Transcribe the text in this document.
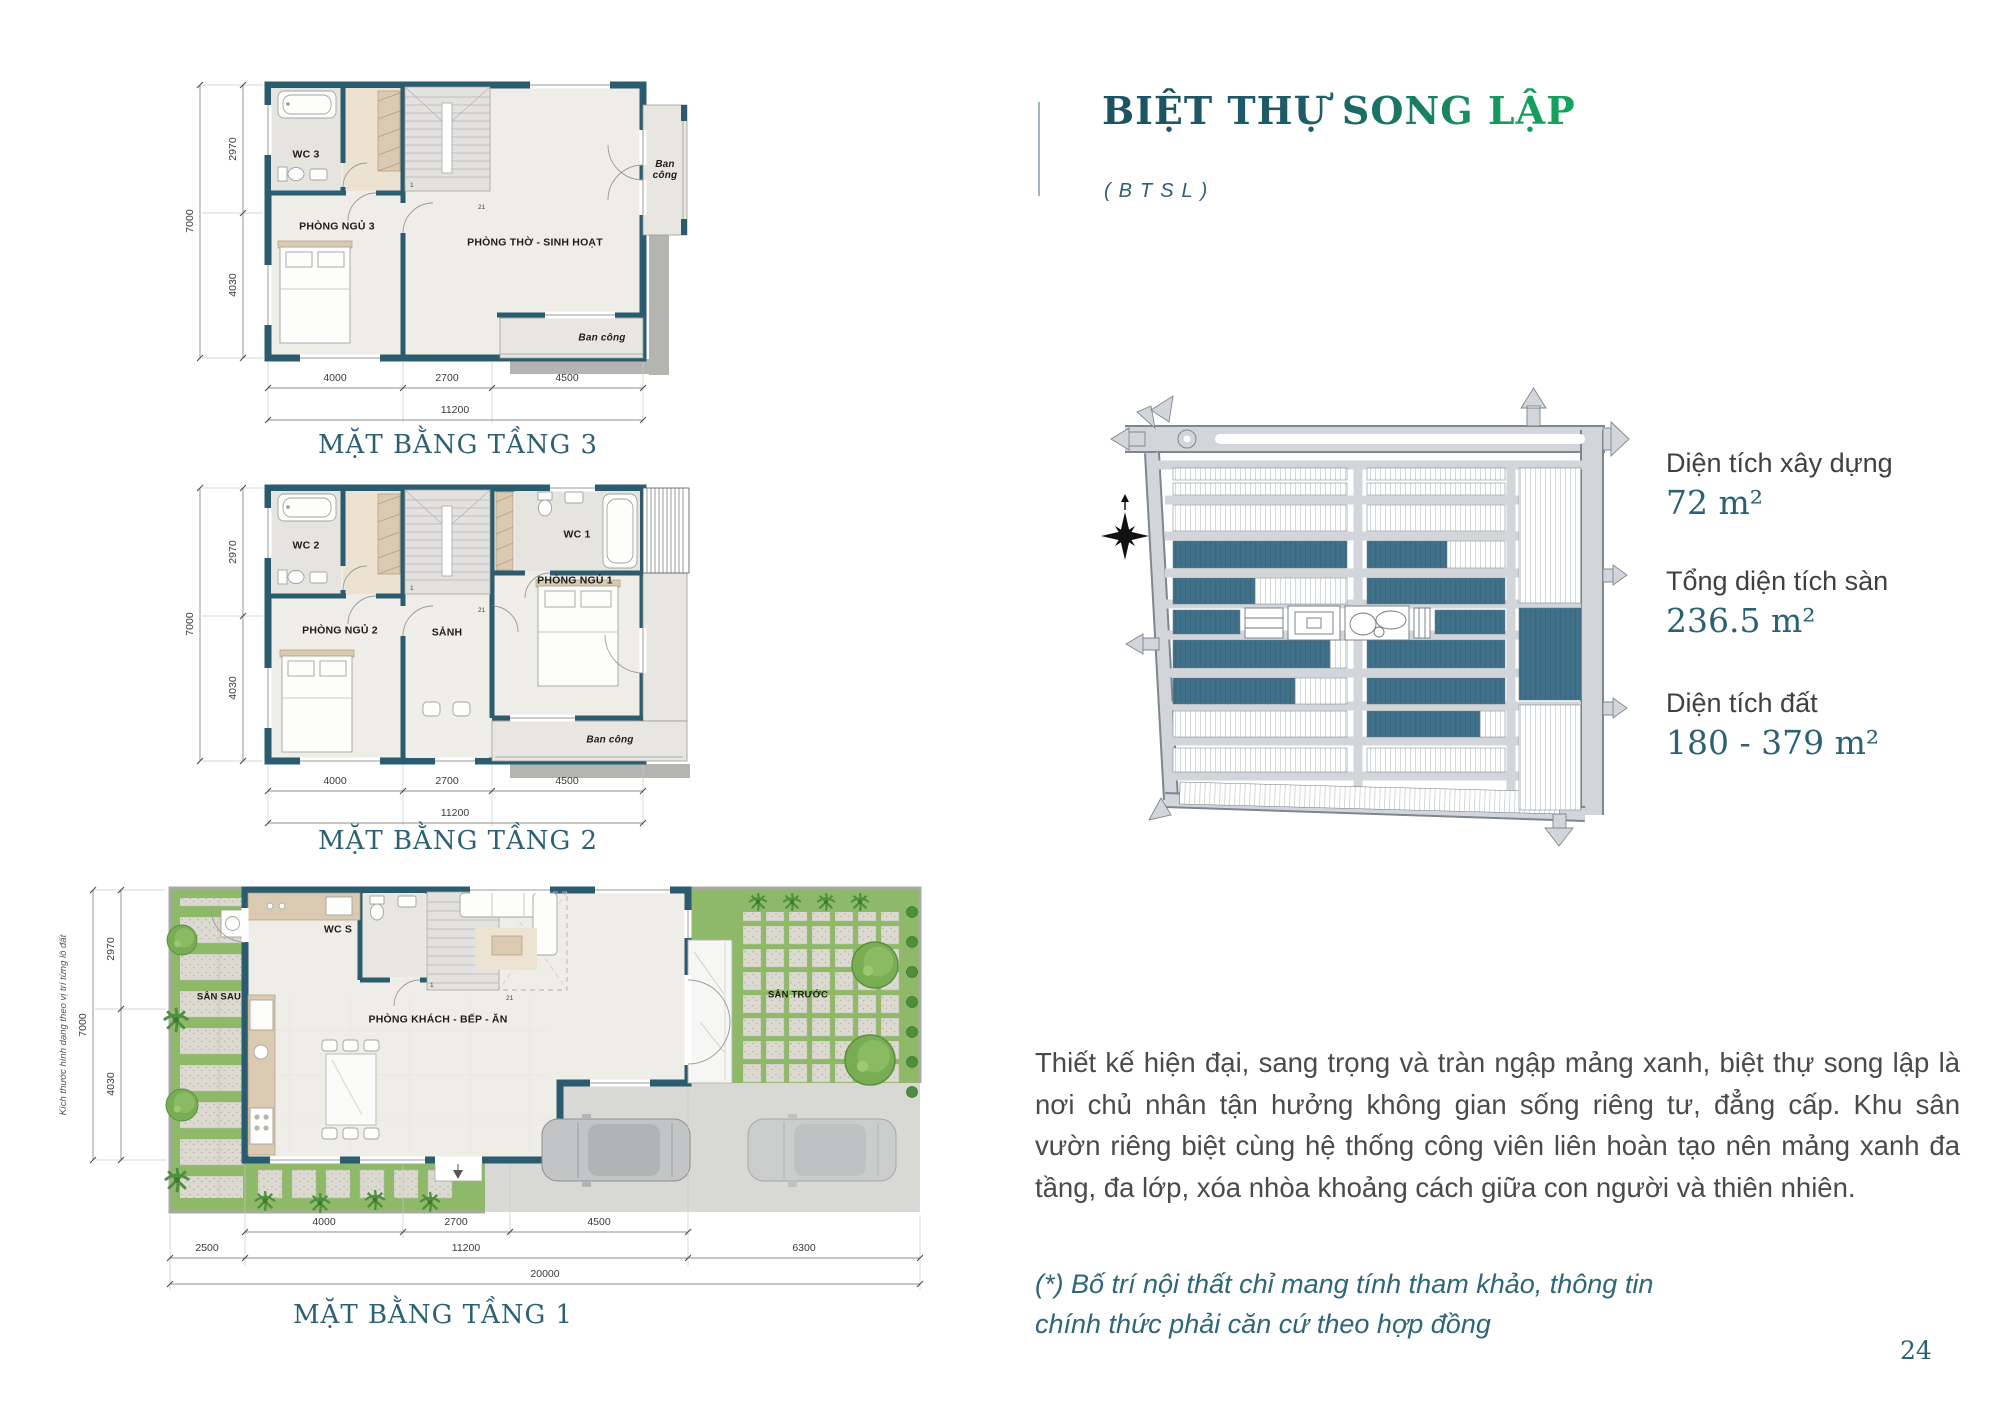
1
21
4000	2700	4500
11200
2970
4030
7000
WC 3
PHÒNG NGỦ 3
PHÒNG THỜ - SINH HOẠT
Ban công
Ban công
MẶT BẰNG TẦNG 3
1
21
4000	2700	4500
11200
2970
4030
7000
WC 2
WC 1
PHÒNG NGỦ 2	SẢNH
PHÒNG NGỦ 1
Ban công
MẶT BẰNG TẦNG 2
1
21
4000	2700	4500
2500	11200	6300
20000
2970
4030
7000
Kích thước hình dạng theo vị trí từng lô đất
WC S
PHÒNG KHÁCH - BẾP - ĂN
SÂN SAU	SÂN TRƯỚC
MẶT BẰNG TẦNG 1
BIỆT THỰ SONG LẬP
(BTSL)
Diện tích xây dựng
72 m²
Tổng diện tích sàn
236.5 m²
Diện tích đất
180 - 379 m²

Thiết kế hiện đại, sang trọng và tràn ngập mảng xanh, biệt thự song lập là nơi chủ nhân tận hưởng không gian sống riêng tư, đẳng cấp. Khu sân vườn riêng biệt cùng hệ thống công viên liên hoàn tạo nên mảng xanh đa tầng, đa lớp, xóa nhòa khoảng cách giữa con người và thiên nhiên.

(*) Bố trí nội thất chỉ mang tính tham khảo, thông tin chính thức phải căn cứ theo hợp đồng

24
